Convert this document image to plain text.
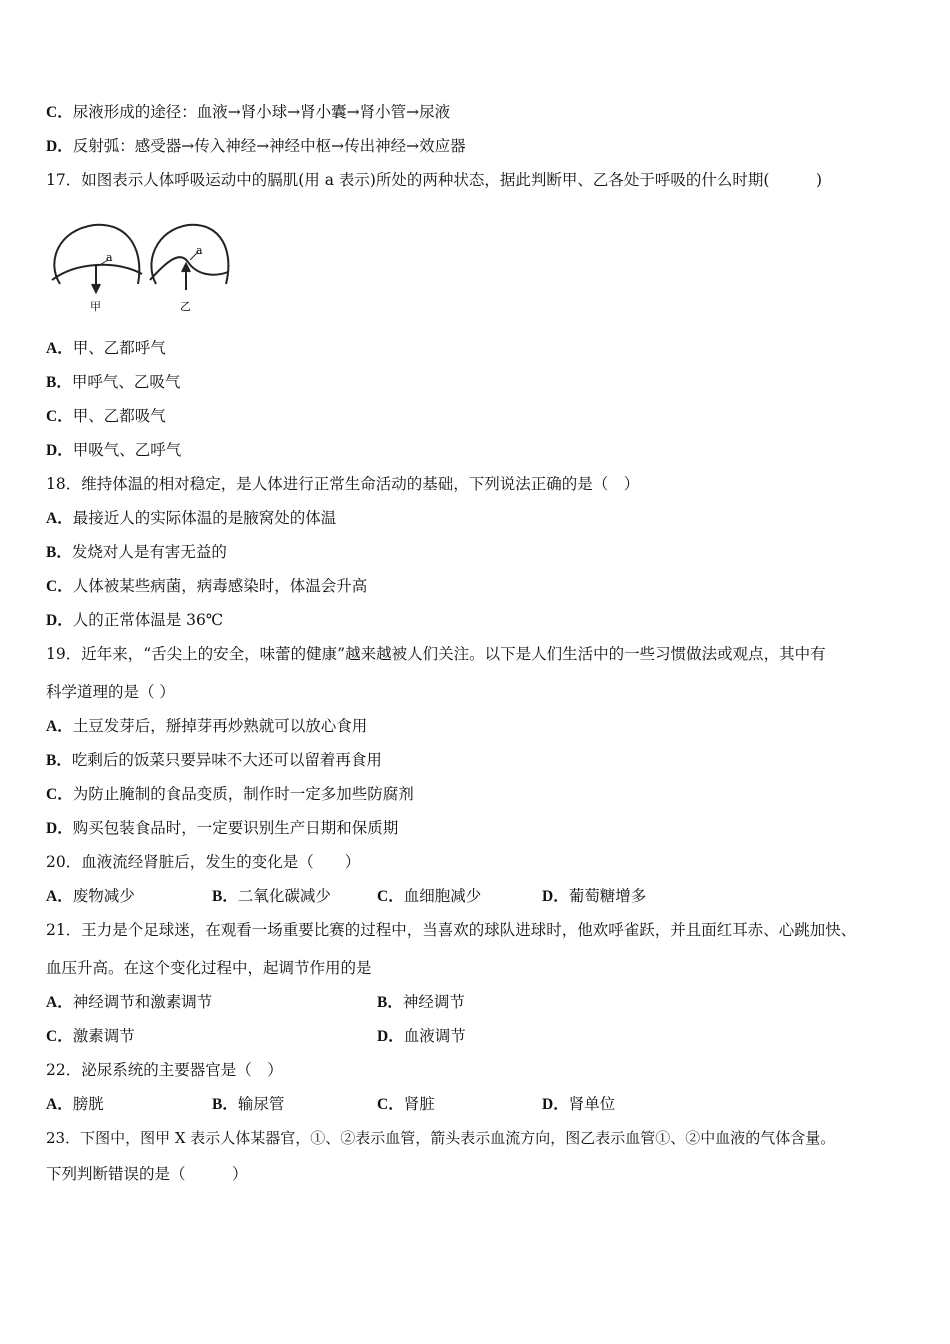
C．尿液形成的途径：血液→肾小球→肾小囊→肾小管→尿液
D．反射弧：感受器→传入神经→神经中枢→传出神经→效应器
17．如图表示人体呼吸运动中的膈肌(用 a 表示)所处的两种状态，据此判断甲、乙各处于呼吸的什么时期(　　　)
a
甲
a
乙
A．甲、乙都呼气
B．甲呼气、乙吸气
C．甲、乙都吸气
D．甲吸气、乙呼气
18．维持体温的相对稳定，是人体进行正常生命活动的基础，下列说法正确的是（　）
A．最接近人的实际体温的是腋窝处的体温
B．发烧对人是有害无益的
C．人体被某些病菌，病毒感染时，体温会升高
D．人的正常体温是 36℃
19．近年来，“舌尖上的安全，味蕾的健康”越来越被人们关注。以下是人们生活中的一些习惯做法或观点，其中有
科学道理的是（ ）
A．土豆发芽后，掰掉芽再炒熟就可以放心食用
B．吃剩后的饭菜只要异味不大还可以留着再食用
C．为防止腌制的食品变质，制作时一定多加些防腐剂
D．购买包装食品时，一定要识别生产日期和保质期
20．血液流经肾脏后，发生的变化是（　　）
A．废物减少	B．二氧化碳减少	C．血细胞减少	D．葡萄糖增多
21．王力是个足球迷，在观看一场重要比赛的过程中，当喜欢的球队进球时，他欢呼雀跃，并且面红耳赤、心跳加快、
血压升高。在这个变化过程中，起调节作用的是
A．神经调节和激素调节	B．神经调节
C．激素调节	D．血液调节
22．泌尿系统的主要器官是（　）
A．膀胱	B．输尿管	C．肾脏	D．肾单位
23．下图中，图甲 X 表示人体某器官，①、②表示血管，箭头表示血流方向，图乙表示血管①、②中血液的气体含量。
下列判断错误的是（　　　）
